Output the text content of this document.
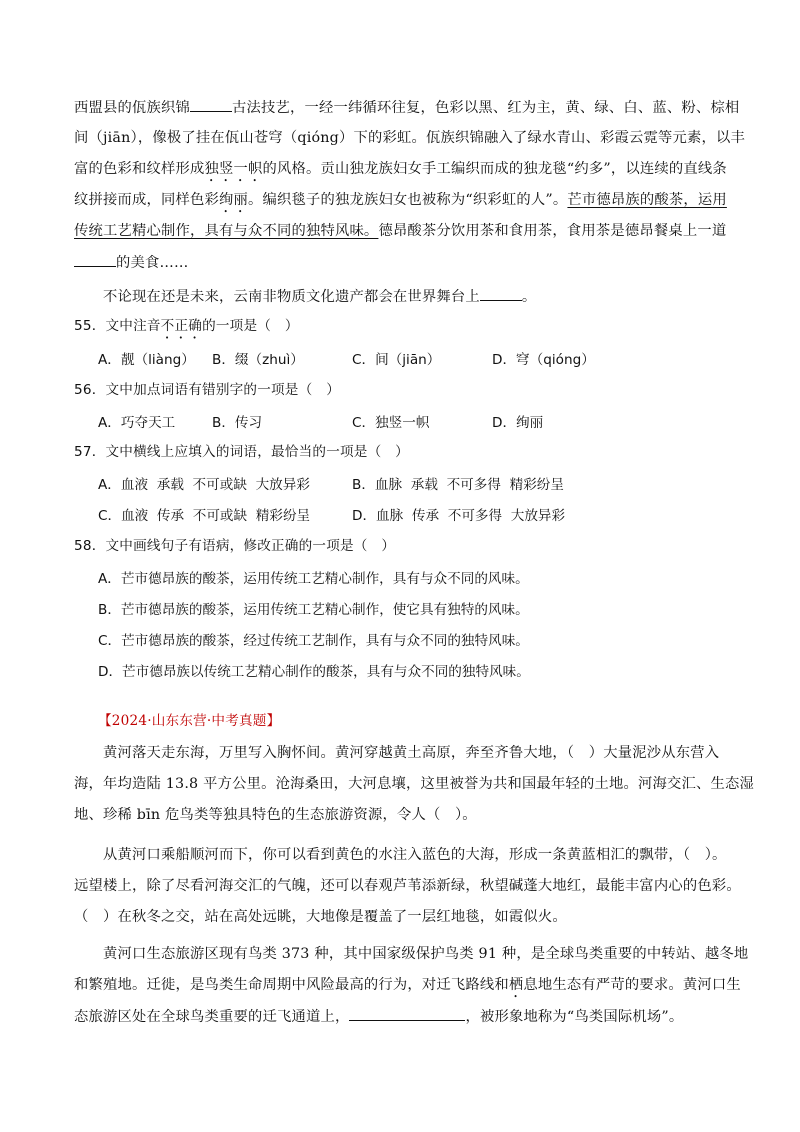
西盟县的佤族织锦	古法技艺，一经一纬循环往复，色彩以黑、红为主，黄、绿、白、蓝、粉、棕相

间（jiān），像极了挂在佤山苍穹（qióng）下的彩虹。佤族织锦融入了绿水青山、彩霞云霓等元素，以丰

富的色彩和纹样形成独竖一帜的风格。贡山独龙族妇女手工编织而成的独龙毯“约多”，以连续的直线条

纹拼接而成，同样色彩绚丽。编织毯子的独龙族妇女也被称为“织彩虹的人”。芒市德昂族的酸茶，运用

传统工艺精心制作，具有与众不同的独特风味。德昂酸茶分饮用茶和食用茶，食用茶是德昂餐桌上一道

的美食……

不论现在还是未来，云南非物质文化遗产都会在世界舞台上	。

55．文中注音不正确的一项是（　）

A．靓（liàng） B．缀（zhuì）	C．间（jiān）	D．穹（qióng）

56．文中加点词语有错别字的一项是（　）

A．巧夺天工	B．传习	C．独竖一帜	D．绚丽

57．文中横线上应填入的词语，最恰当的一项是（　）

A．血液  承载  不可或缺  大放异彩	B．血脉  承载  不可多得  精彩纷呈
C．血液  传承  不可或缺  精彩纷呈	D．血脉  传承  不可多得  大放异彩

58．文中画线句子有语病，修改正确的一项是（　）

A．芒市德昂族的酸茶，运用传统工艺精心制作，具有与众不同的风味。
B．芒市德昂族的酸茶，运用传统工艺精心制作，使它具有独特的风味。
C．芒市德昂族的酸茶，经过传统工艺制作，具有与众不同的独特风味。
D．芒市德昂族以传统工艺精心制作的酸茶，具有与众不同的独特风味。

【2024·山东东营·中考真题】

黄河落天走东海，万里写入胸怀间。黄河穿越黄土高原，奔至齐鲁大地，（　）大量泥沙从东营入

海，年均造陆 13.8 平方公里。沧海桑田，大河息壤，这里被誉为共和国最年轻的土地。河海交汇、生态湿

地、珍稀 bīn 危鸟类等独具特色的生态旅游资源，令人（　）。

从黄河口乘船顺河而下，你可以看到黄色的水注入蓝色的大海，形成一条黄蓝相汇的飘带，（　）。

远望楼上，除了尽看河海交汇的气魄，还可以春观芦苇添新绿，秋望碱蓬大地红，最能丰富内心的色彩。

（　）在秋冬之交，站在高处远眺，大地像是覆盖了一层红地毯，如霞似火。

黄河口生态旅游区现有鸟类 373 种，其中国家级保护鸟类 91 种，是全球鸟类重要的中转站、越冬地

和繁殖地。迁徙，是鸟类生命周期中风险最高的行为，对迁飞路线和栖息地生态有严苛的要求。黄河口生

态旅游区处在全球鸟类重要的迁飞通道上，	，被形象地称为“鸟类国际机场”。
